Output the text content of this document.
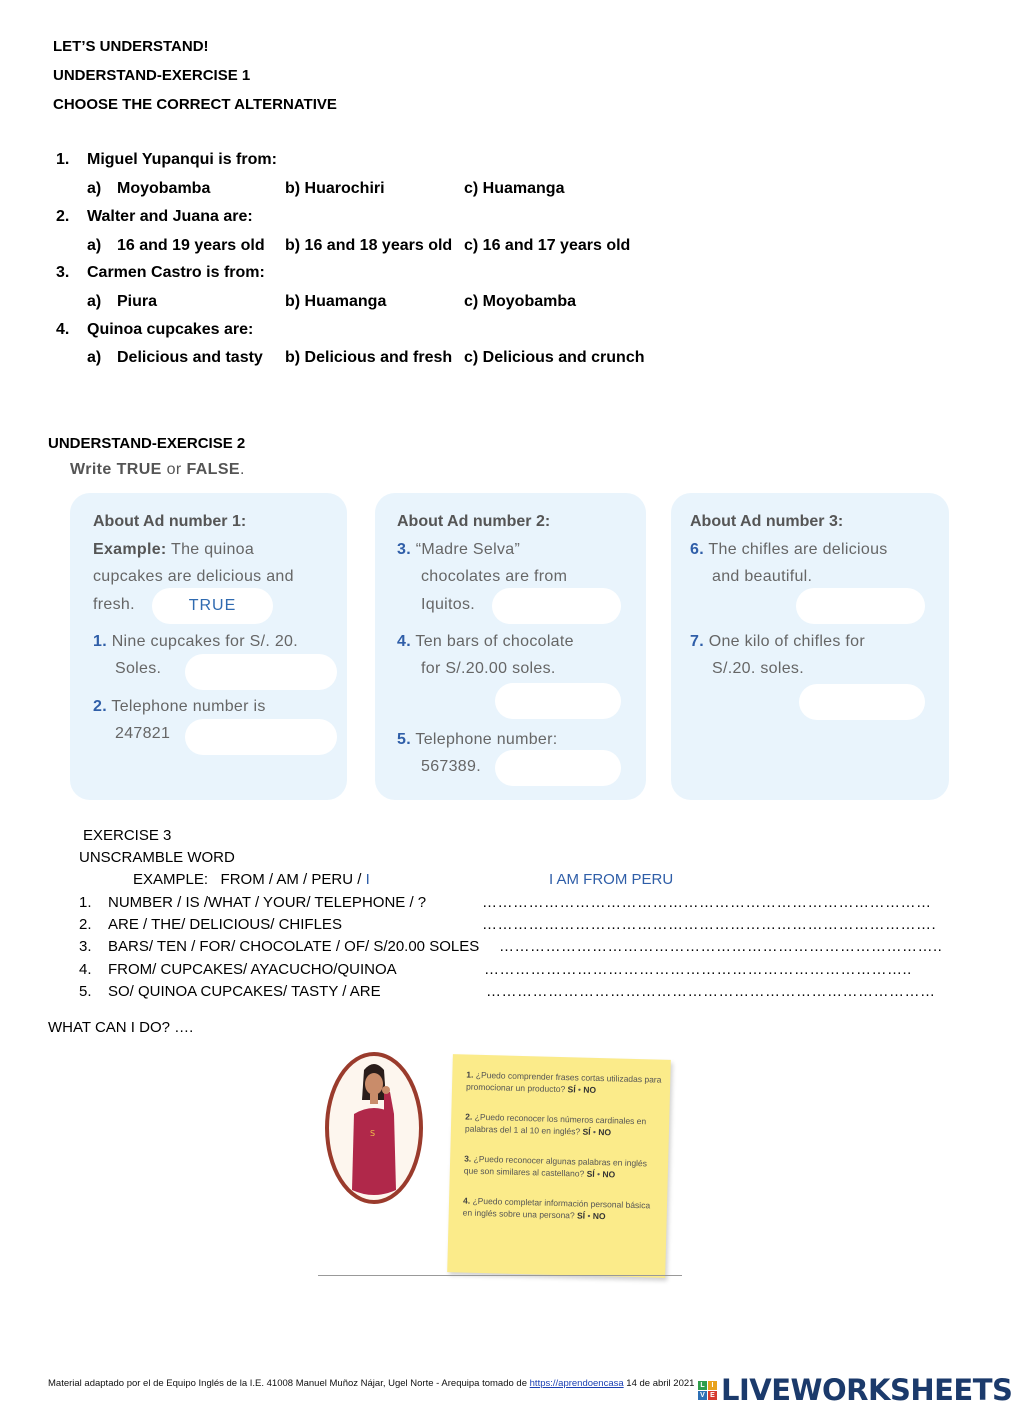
LET’S UNDERSTAND!
UNDERSTAND-EXERCISE 1
CHOOSE THE CORRECT ALTERNATIVE
1. Miguel Yupanqui is from:
a) Moyobamba	b) Huarochiri	c) Huamanga
2. Walter and Juana are:
a) 16 and 19 years old b) 16 and 18 years old c) 16 and 17 years old
3. Carmen Castro is from:
a) Piura	b) Huamanga	c) Moyobamba
4. Quinoa cupcakes are:
a) Delicious and tasty b) Delicious and fresh c) Delicious and crunch
UNDERSTAND-EXERCISE 2
Write TRUE or FALSE.
About Ad number 1:
Example: The quinoa
cupcakes are delicious and
fresh.	TRUE
1. Nine cupcakes for S/. 20.
Soles.
2. Telephone number is
247821
About Ad number 2:
3. “Madre Selva”
chocolates are from
Iquitos.
4. Ten bars of chocolate
for S/.20.00 soles.
5. Telephone number:
567389.
About Ad number 3:
6. The chifles are delicious
and beautiful.
7. One kilo of chifles for
S/.20. soles.
EXERCISE 3
UNSCRAMBLE WORD
EXAMPLE: FROM / AM / PERU / I	I AM FROM PERU
1. NUMBER / IS /WHAT / YOUR/ TELEPHONE / ?	……………………………………………………………………………
2. ARE / THE/ DELICIOUS/ CHIFLES	…………………………………………………………………………….
3. BARS/ TEN / FOR/ CHOCOLATE / OF/ S/20.00 SOLES …………………………………………………………………………..
4. FROM/ CUPCAKES/ AYACUCHO/QUINOA	………………………………………………………………………..
5. SO/ QUINOA CUPCAKES/ TASTY / ARE	……………………………………………………………………………
WHAT CAN I DO? ….
S
1. ¿Puedo comprender frases cortas utilizadas para promocionar un producto? SÍ • NO
2. ¿Puedo reconocer los números cardinales en palabras del 1 al 10 en inglés? SÍ • NO
3. ¿Puedo reconocer algunas palabras en inglés que son similares al castellano? SÍ • NO
4. ¿Puedo completar información personal básica en inglés sobre una persona? SÍ • NO
Material adaptado por el de Equipo Inglés de la I.E. 41008 Manuel Muñoz Nájar, Ugel Norte - Arequipa tomado de https://aprendoencasa 14 de abril 2021 L I
V E LIVEWORKSHEETS
